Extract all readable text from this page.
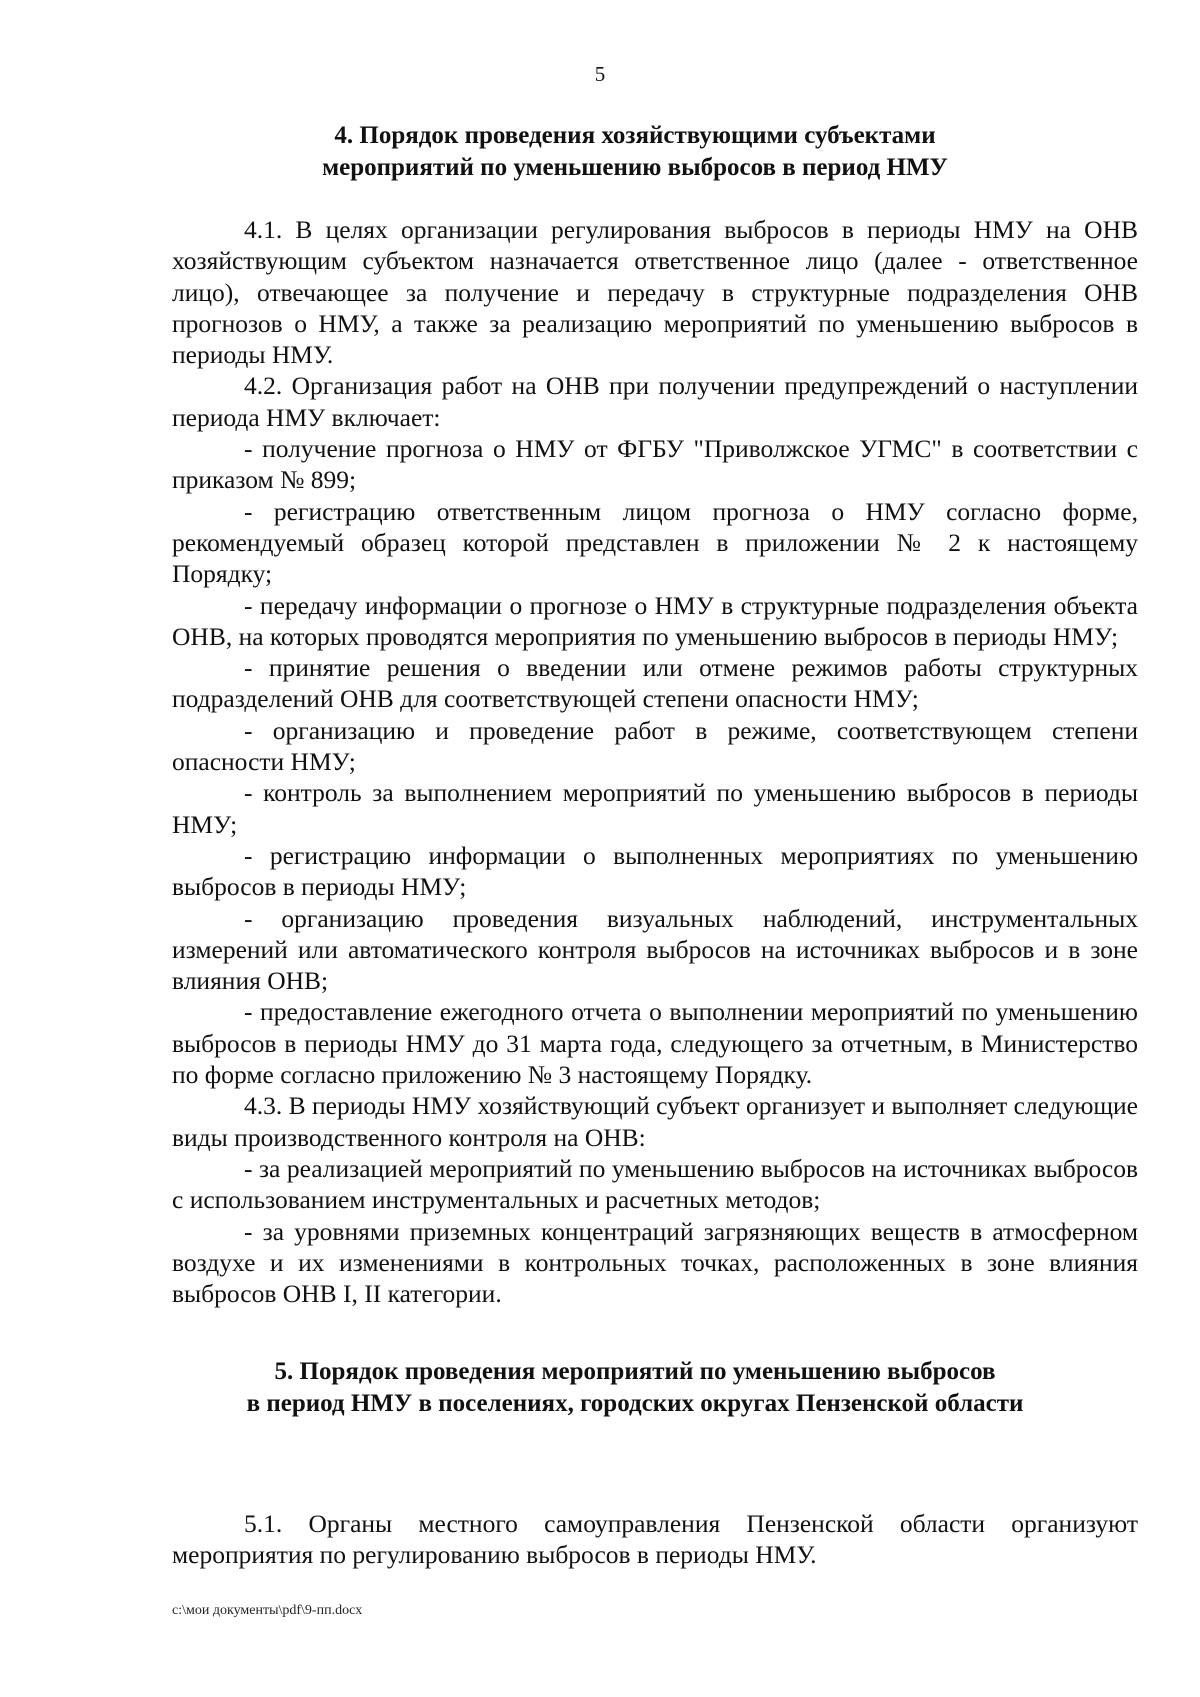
5
4. Порядок проведения хозяйствующими субъектами
мероприятий по уменьшению выбросов в период НМУ

4.1. В целях организации регулирования выбросов в периоды НМУ на ОНВ хозяйствующим субъектом назначается ответственное лицо (далее - ответственное лицо), отвечающее за получение и передачу в структурные подразделения ОНВ прогнозов о НМУ, а также за реализацию мероприятий по уменьшению выбросов в периоды НМУ.

4.2. Организация работ на ОНВ при получении предупреждений о наступлении периода НМУ включает:

- получение прогноза о НМУ от ФГБУ "Приволжское УГМС" в соответствии с приказом № 899;

- регистрацию ответственным лицом прогноза о НМУ согласно форме, рекомендуемый образец которой представлен в приложении № 2 к настоящему Порядку;

- передачу информации о прогнозе о НМУ в структурные подразделения объекта ОНВ, на которых проводятся мероприятия по уменьшению выбросов в периоды НМУ;

- принятие решения о введении или отмене режимов работы структурных подразделений ОНВ для соответствующей степени опасности НМУ;

- организацию и проведение работ в режиме, соответствующем степени опасности НМУ;

- контроль за выполнением мероприятий по уменьшению выбросов в периоды НМУ;

- регистрацию информации о выполненных мероприятиях по уменьшению выбросов в периоды НМУ;

- организацию проведения визуальных наблюдений, инструментальных измерений или автоматического контроля выбросов на источниках выбросов и в зоне влияния ОНВ;

- предоставление ежегодного отчета о выполнении мероприятий по уменьшению выбросов в периоды НМУ до 31 марта года, следующего за отчетным, в Министерство по форме согласно приложению № 3 настоящему Порядку.

4.3. В периоды НМУ хозяйствующий субъект организует и выполняет следующие виды производственного контроля на ОНВ:

- за реализацией мероприятий по уменьшению выбросов на источниках выбросов с использованием инструментальных и расчетных методов;

- за уровнями приземных концентраций загрязняющих веществ в атмосферном воздухе и их изменениями в контрольных точках, расположенных в зоне влияния выбросов ОНВ I, II категории.

5. Порядок проведения мероприятий по уменьшению выбросов
в период НМУ в поселениях, городских округах Пензенской области

5.1. Органы местного самоуправления Пензенской области организуют мероприятия по регулированию выбросов в периоды НМУ.

c:\мои документы\pdf\9-пп.docx
